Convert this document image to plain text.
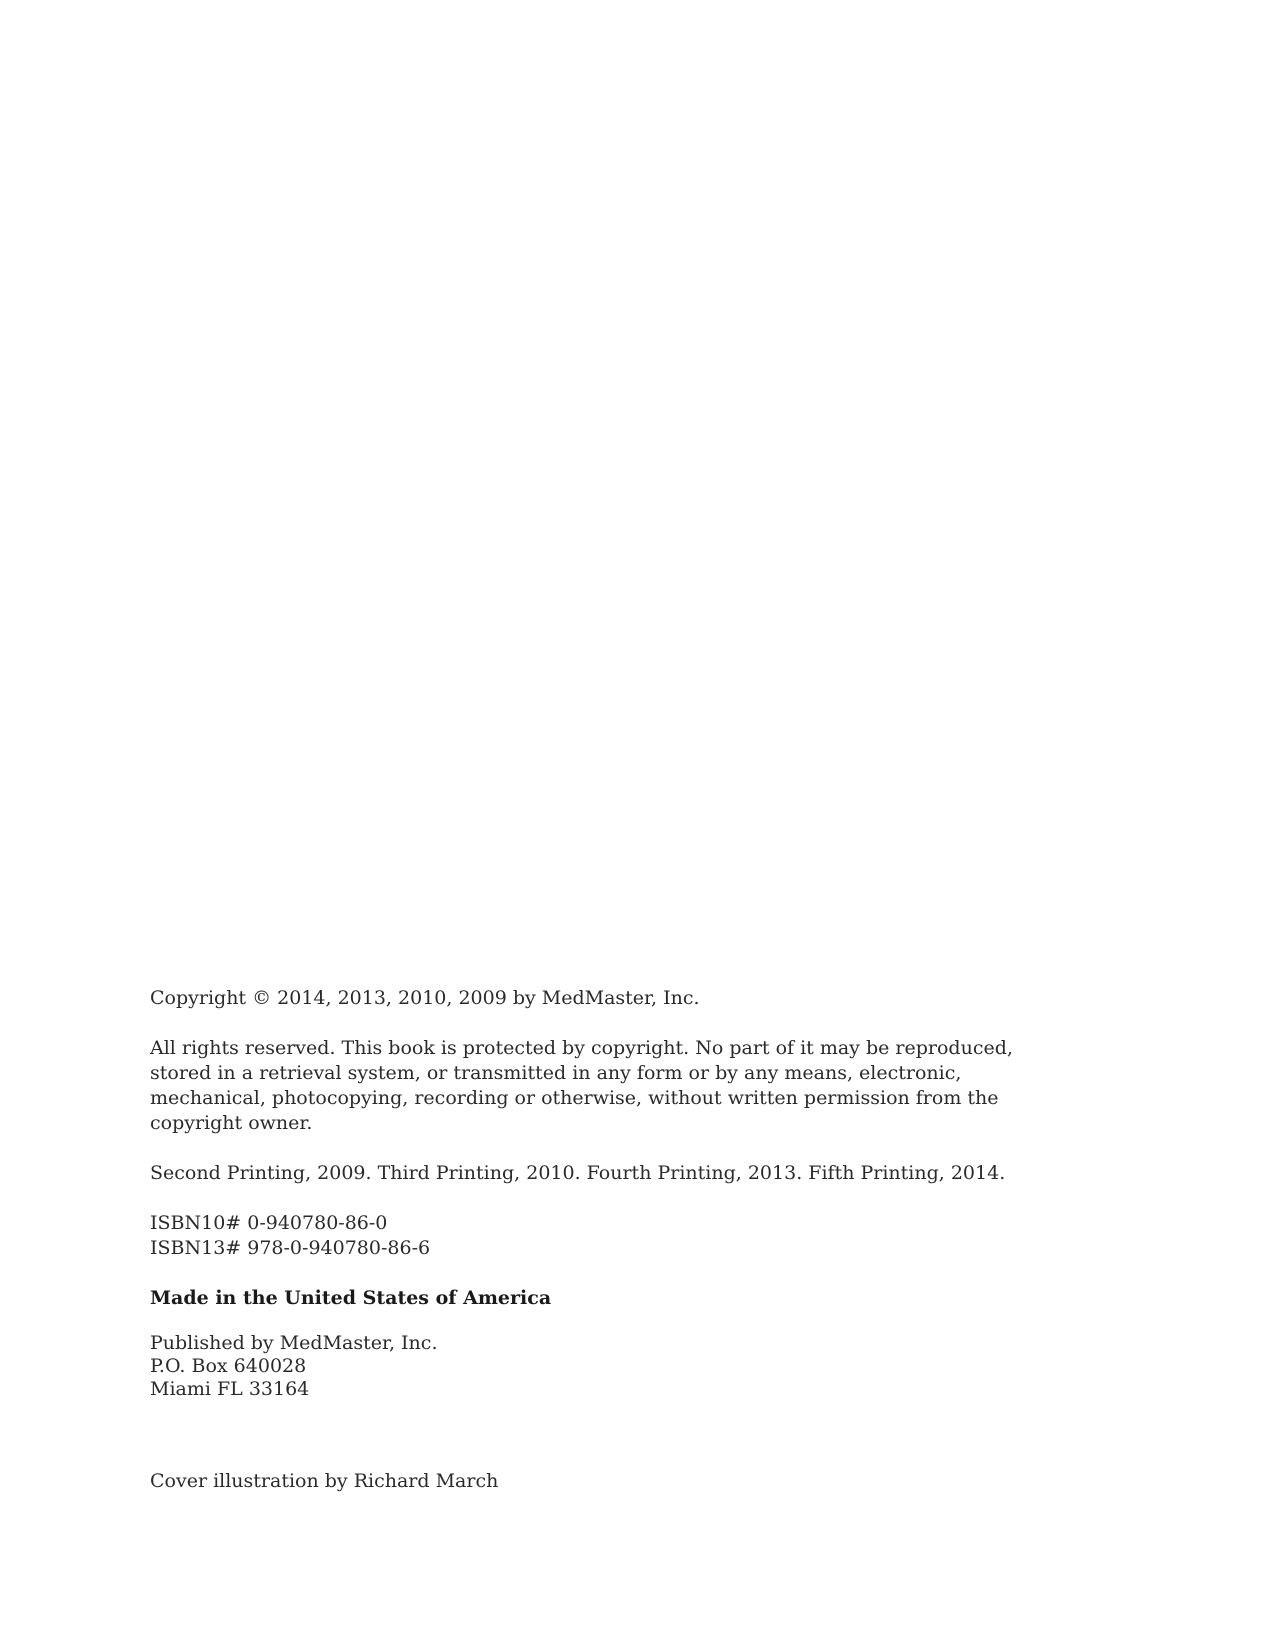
Copyright © 2014, 2013, 2010, 2009 by MedMaster, Inc.
All rights reserved. This book is protected by copyright. No part of it may be reproduced,
stored in a retrieval system, or transmitted in any form or by any means, electronic,
mechanical, photocopying, recording or otherwise, without written permission from the
copyright owner.
Second Printing, 2009. Third Printing, 2010. Fourth Printing, 2013. Fifth Printing, 2014.
ISBN10# 0-940780-86-0
ISBN13# 978-0-940780-86-6
Made in the United States of America
Published by MedMaster, Inc.
P.O. Box 640028
Miami FL 33164
Cover illustration by Richard March
